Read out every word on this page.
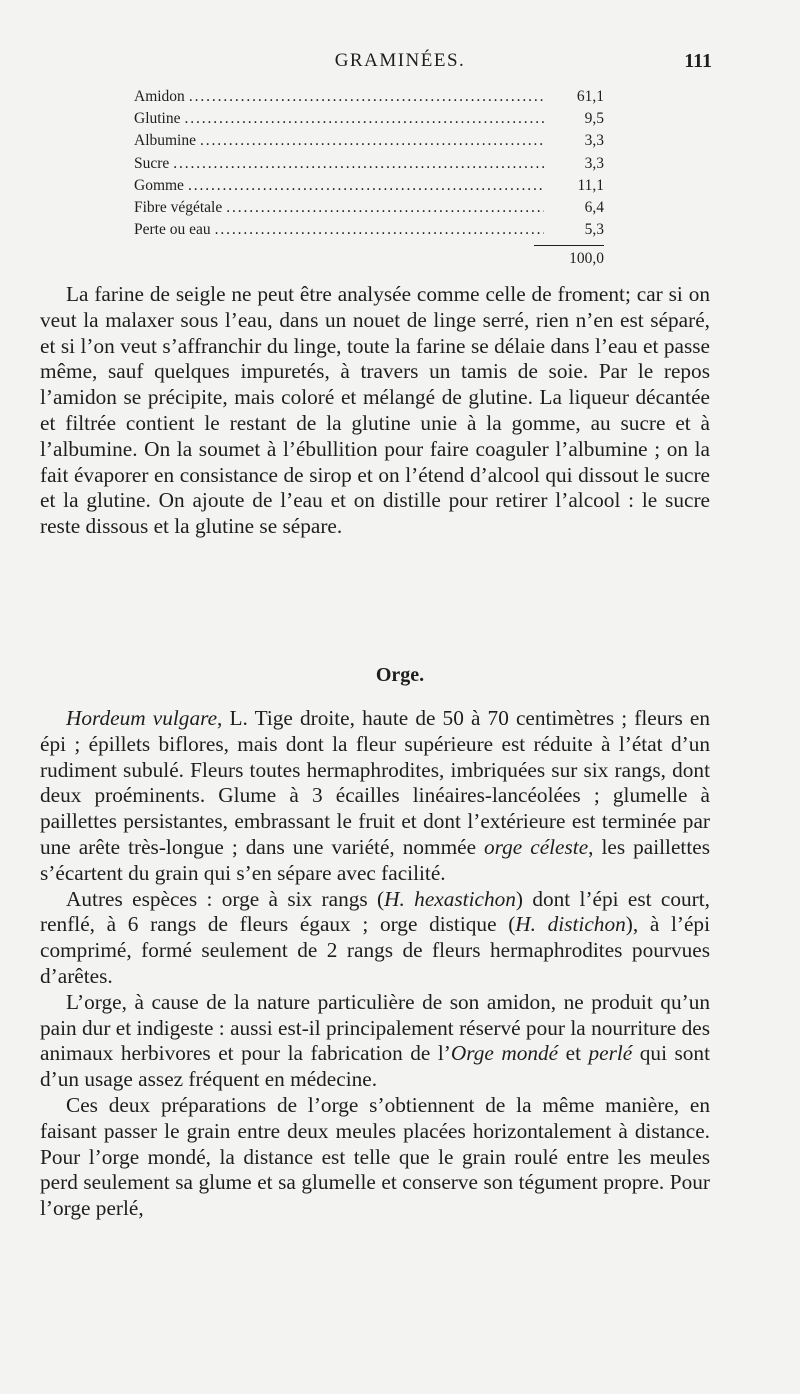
GRAMINÉES.	111
Amidon . . .	61,1
Glutine . . .	9,5
Albumine . . .	3,3
Sucre . . .	3,3
Gomme . . .	11,1
Fibre végétale . . .	6,4
Perte ou eau . . .	5,3
100,0

La farine de seigle ne peut être analysée comme celle de froment; car si on veut la malaxer sous l’eau, dans un nouet de linge serré, rien n’en est séparé, et si l’on veut s’affranchir du linge, toute la farine se délaie dans l’eau et passe même, sauf quelques impuretés, à travers un tamis de soie. Par le repos l’amidon se précipite, mais coloré et mélangé de glutine. La liqueur décantée et filtrée contient le restant de la glutine unie à la gomme, au sucre et à l’albumine. On la soumet à l’ébullition pour faire coaguler l’albumine ; on la fait évaporer en consistance de sirop et on l’étend d’alcool qui dissout le sucre et la glutine. On ajoute de l’eau et on distille pour retirer l’alcool : le sucre reste dissous et la glutine se sépare.

Orge.

Hordeum vulgare, L. Tige droite, haute de 50 à 70 centimètres ; fleurs en épi ; épillets biflores, mais dont la fleur supérieure est réduite à l’état d’un rudiment subulé. Fleurs toutes hermaphrodites, imbriquées sur six rangs, dont deux proéminents. Glume à 3 écailles linéaires-lancéolées ; glumelle à paillettes persistantes, embrassant le fruit et dont l’extérieure est terminée par une arête très-longue ; dans une variété, nommée orge céleste, les paillettes s’écartent du grain qui s’en sépare avec facilité.

Autres espèces : orge à six rangs (H. hexastichon) dont l’épi est court, renflé, à 6 rangs de fleurs égaux ; orge distique (H. distichon), à l’épi comprimé, formé seulement de 2 rangs de fleurs hermaphrodites pourvues d’arêtes.

L’orge, à cause de la nature particulière de son amidon, ne produit qu’un pain dur et indigeste : aussi est-il principalement réservé pour la nourriture des animaux herbivores et pour la fabrication de l’Orge mondé et perlé qui sont d’un usage assez fréquent en médecine.

Ces deux préparations de l’orge s’obtiennent de la même manière, en faisant passer le grain entre deux meules placées horizontalement à distance. Pour l’orge mondé, la distance est telle que le grain roulé entre les meules perd seulement sa glume et sa glumelle et conserve son tégument propre. Pour l’orge perlé,
